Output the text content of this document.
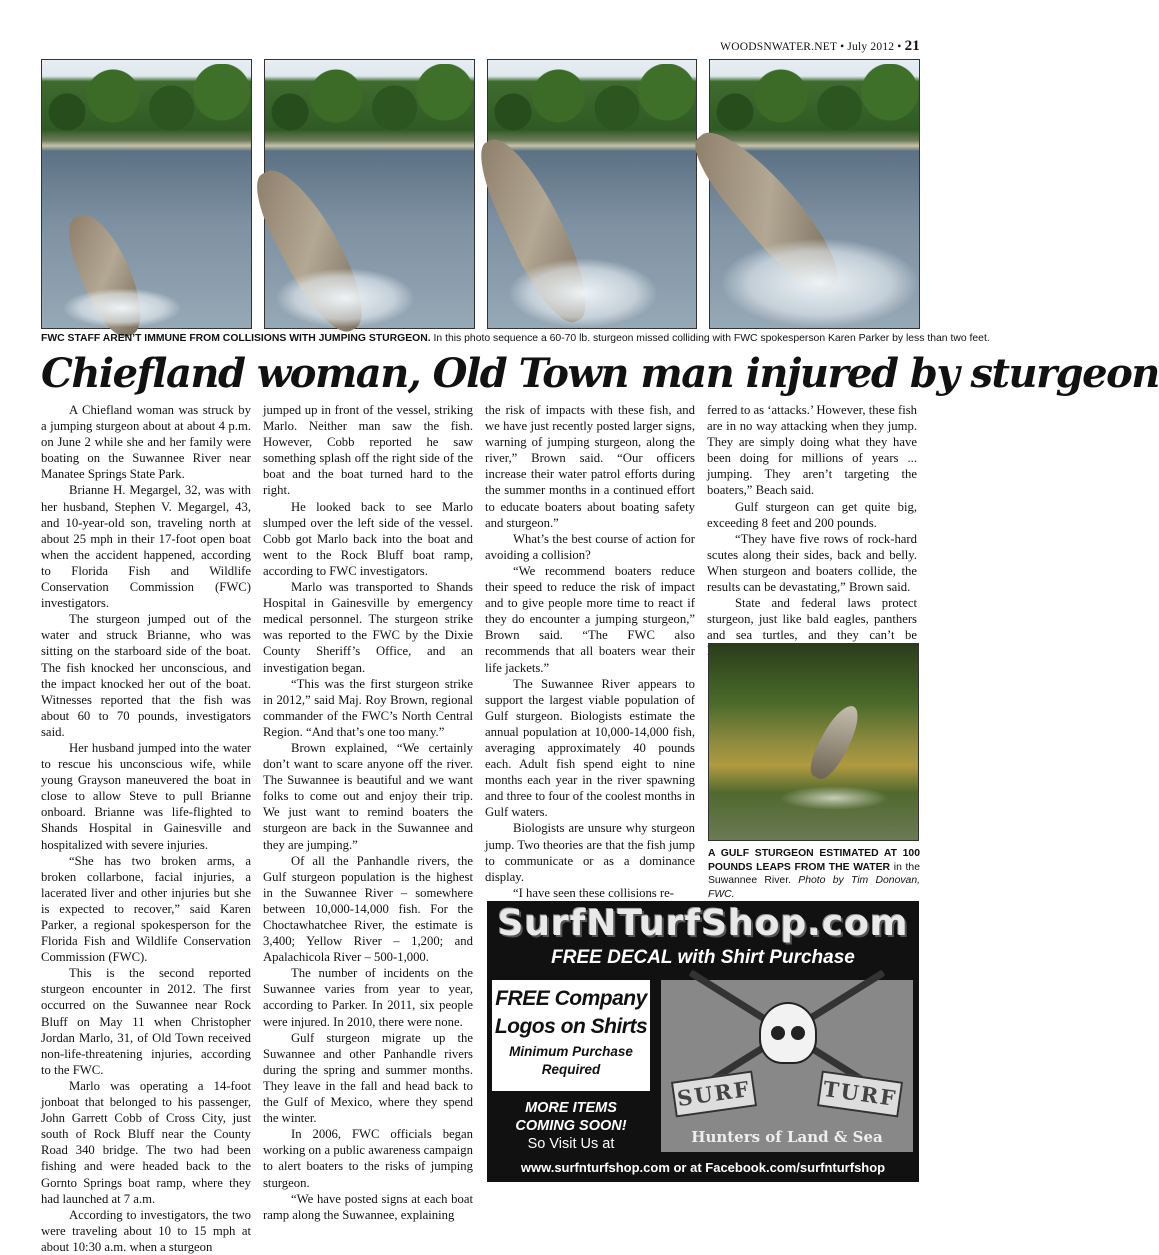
WOODSNWATER.NET • July 2012 • 21
FWC STAFF AREN’T IMMUNE FROM COLLISIONS WITH JUMPING STURGEON. In this photo sequence a 60-70 lb. sturgeon missed colliding with FWC spokesperson Karen Parker by less than two feet.
Chiefland woman, Old Town man injured by sturgeon

A Chiefland woman was struck by a jumping sturgeon about at about 4 p.m. on June 2 while she and her family were boating on the Suwannee River near Manatee Springs State Park.

Brianne H. Megargel, 32, was with her husband, Stephen V. Megargel, 43, and 10-year-old son, traveling north at about 25 mph in their 17-foot open boat when the accident happened, according to Florida Fish and Wildlife Conservation Commission (FWC) investigators.

The sturgeon jumped out of the water and struck Brianne, who was sitting on the starboard side of the boat. The fish knocked her unconscious, and the impact knocked her out of the boat. Witnesses reported that the fish was about 60 to 70 pounds, investigators said.

Her husband jumped into the water to rescue his unconscious wife, while young Grayson maneuvered the boat in close to allow Steve to pull Brianne onboard. Brianne was life-flighted to Shands Hospital in Gainesville and hospitalized with severe injuries.

“She has two broken arms, a broken collarbone, facial injuries, a lacerated liver and other injuries but she is expected to recover,” said Karen Parker, a regional spokesperson for the Florida Fish and Wildlife Conservation Commission (FWC).

This is the second reported sturgeon encounter in 2012. The first occurred on the Suwannee near Rock Bluff on May 11 when Christopher Jordan Marlo, 31, of Old Town received non-life-threatening injuries, according to the FWC.

Marlo was operating a 14-foot jonboat that belonged to his passenger, John Garrett Cobb of Cross City, just south of Rock Bluff near the County Road 340 bridge. The two had been fishing and were headed back to the Gornto Springs boat ramp, where they had launched at 7 a.m.

According to investigators, the two were traveling about 10 to 15 mph at about 10:30 a.m. when a sturgeon

jumped up in front of the vessel, striking Marlo. Neither man saw the fish. However, Cobb reported he saw something splash off the right side of the boat and the boat turned hard to the right.

He looked back to see Marlo slumped over the left side of the vessel. Cobb got Marlo back into the boat and went to the Rock Bluff boat ramp, according to FWC investigators.

Marlo was transported to Shands Hospital in Gainesville by emergency medical personnel. The sturgeon strike was reported to the FWC by the Dixie County Sheriff’s Office, and an investigation began.

“This was the first sturgeon strike in 2012,” said Maj. Roy Brown, regional commander of the FWC’s North Central Region. “And that’s one too many.”

Brown explained, “We certainly don’t want to scare anyone off the river. The Suwannee is beautiful and we want folks to come out and enjoy their trip. We just want to remind boaters the sturgeon are back in the Suwannee and they are jumping.”

Of all the Panhandle rivers, the Gulf sturgeon population is the highest in the Suwannee River – somewhere between 10,000-14,000 fish. For the Choctawhatchee River, the estimate is 3,400; Yellow River – 1,200; and Apalachicola River – 500-1,000.

The number of incidents on the Suwannee varies from year to year, according to Parker. In 2011, six people were injured. In 2010, there were none.

Gulf sturgeon migrate up the Suwannee and other Panhandle rivers during the spring and summer months. They leave in the fall and head back to the Gulf of Mexico, where they spend the winter.

In 2006, FWC officials began working on a public awareness campaign to alert boaters to the risks of jumping sturgeon.

“We have posted signs at each boat ramp along the Suwannee, explaining

the risk of impacts with these fish, and we have just recently posted larger signs, warning of jumping sturgeon, along the river,” Brown said. “Our officers increase their water patrol efforts during the summer months in a continued effort to educate boaters about boating safety and sturgeon.”

What’s the best course of action for avoiding a collision?

“We recommend boaters reduce their speed to reduce the risk of impact and to give people more time to react if they do encounter a jumping sturgeon,” Brown said. “The FWC also recommends that all boaters wear their life jackets.”

The Suwannee River appears to support the largest viable population of Gulf sturgeon. Biologists estimate the annual population at 10,000-14,000 fish, averaging approximately 40 pounds each. Adult fish spend eight to nine months each year in the river spawning and three to four of the coolest months in Gulf waters.

Biologists are unsure why sturgeon jump. Two theories are that the fish jump to communicate or as a dominance display.

“I have seen these collisions re-

ferred to as ‘attacks.’ However, these fish are in no way attacking when they jump. They are simply doing what they have been doing for millions of years ... jumping. They aren’t targeting the boaters,” Beach said.

Gulf sturgeon can get quite big, exceeding 8 feet and 200 pounds.

“They have five rows of rock-hard scutes along their sides, back and belly. When sturgeon and boaters collide, the results can be devastating,” Brown said.

State and federal laws protect sturgeon, just like bald eagles, panthers and sea turtles, and they can’t be

A GULF STURGEON ESTIMATED AT 100 POUNDS LEAPS FROM THE WATER in the Suwannee River. Photo by Tim Donovan, FWC.
SurfNTurfShop.com
FREE DECAL with Shirt Purchase
FREE Company
Logos on Shirts
Minimum Purchase
Required
MORE ITEMS
COMING SOON!
So Visit Us at
SURF	TURF
Hunters of Land & Sea
www.surfnturfshop.com or at Facebook.com/surfnturfshop
